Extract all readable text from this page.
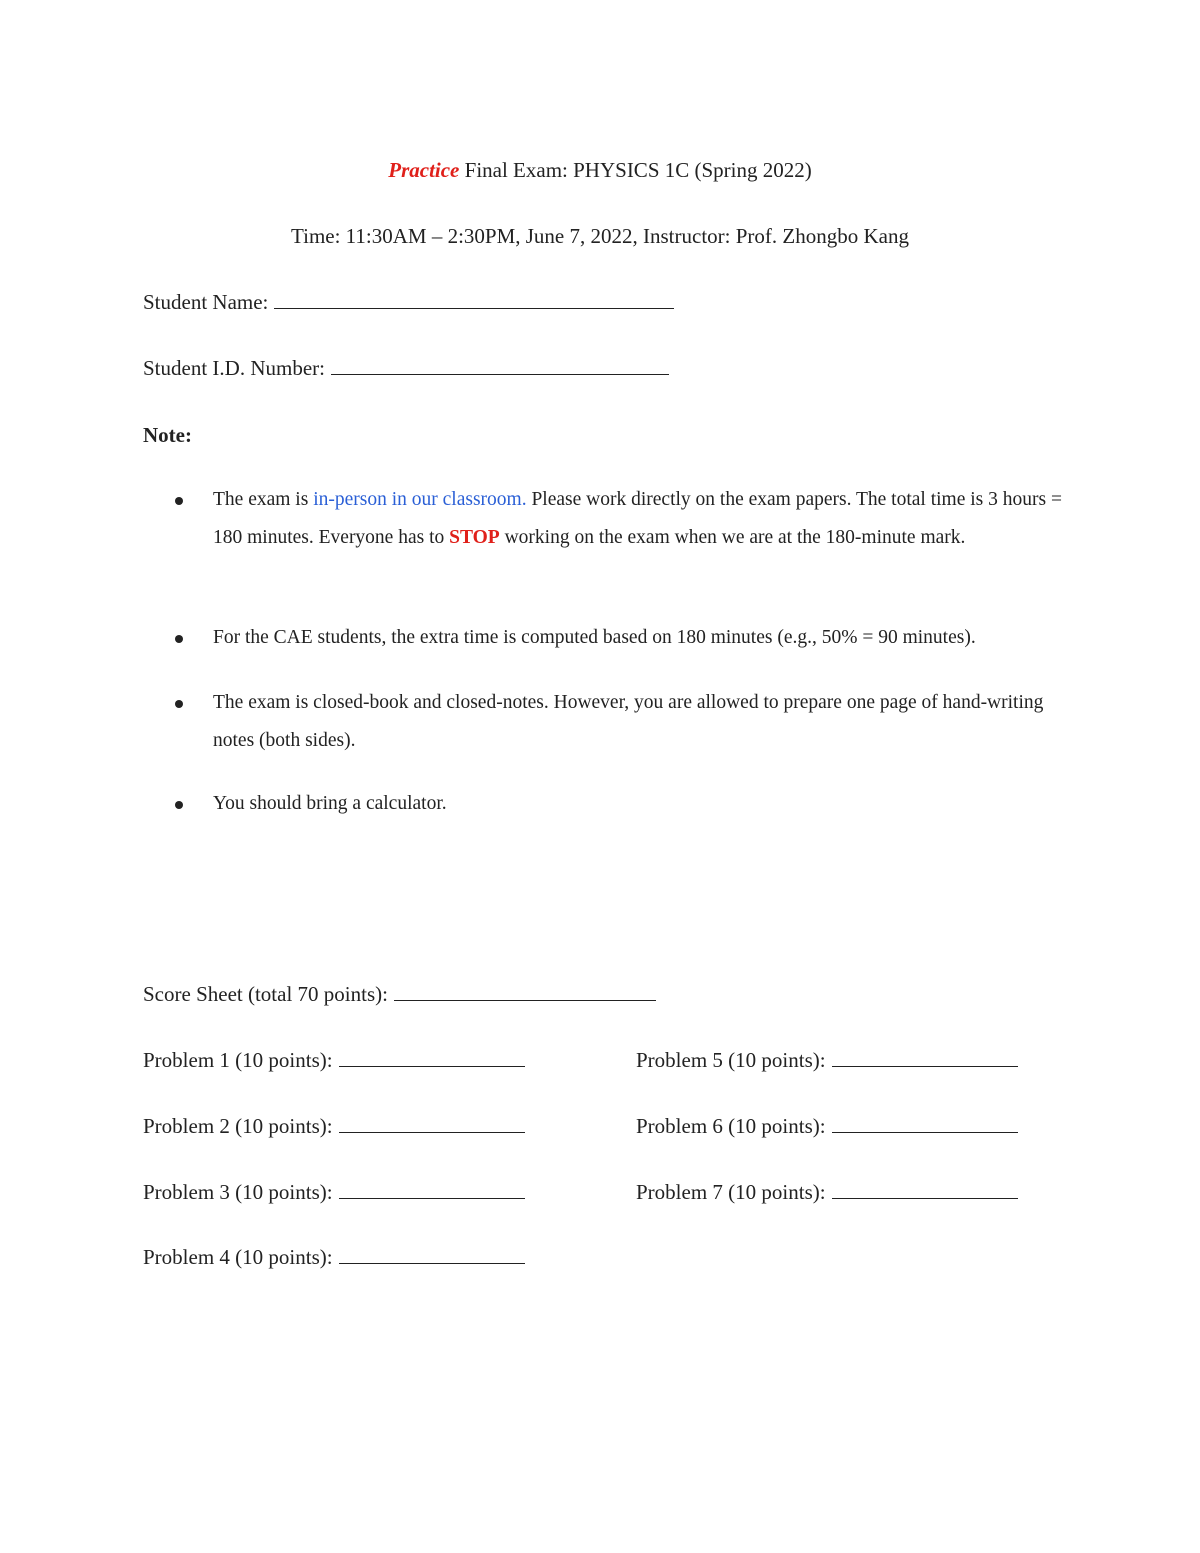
Practice Final Exam: PHYSICS 1C (Spring 2022)
Time: 11:30AM – 2:30PM, June 7, 2022, Instructor: Prof. Zhongbo Kang
Student Name:
Student I.D. Number:
Note:
The exam is in-person in our classroom. Please work directly on the exam papers. The total time is 3 hours = 180 minutes. Everyone has to STOP working on the exam when we are at the 180-minute mark.
For the CAE students, the extra time is computed based on 180 minutes (e.g., 50% = 90 minutes).
The exam is closed-book and closed-notes. However, you are allowed to prepare one page of hand-writing notes (both sides).
You should bring a calculator.
Score Sheet (total 70 points):
Problem 1 (10 points):
Problem 2 (10 points):
Problem 3 (10 points):
Problem 4 (10 points):
Problem 5 (10 points):
Problem 6 (10 points):
Problem 7 (10 points):
